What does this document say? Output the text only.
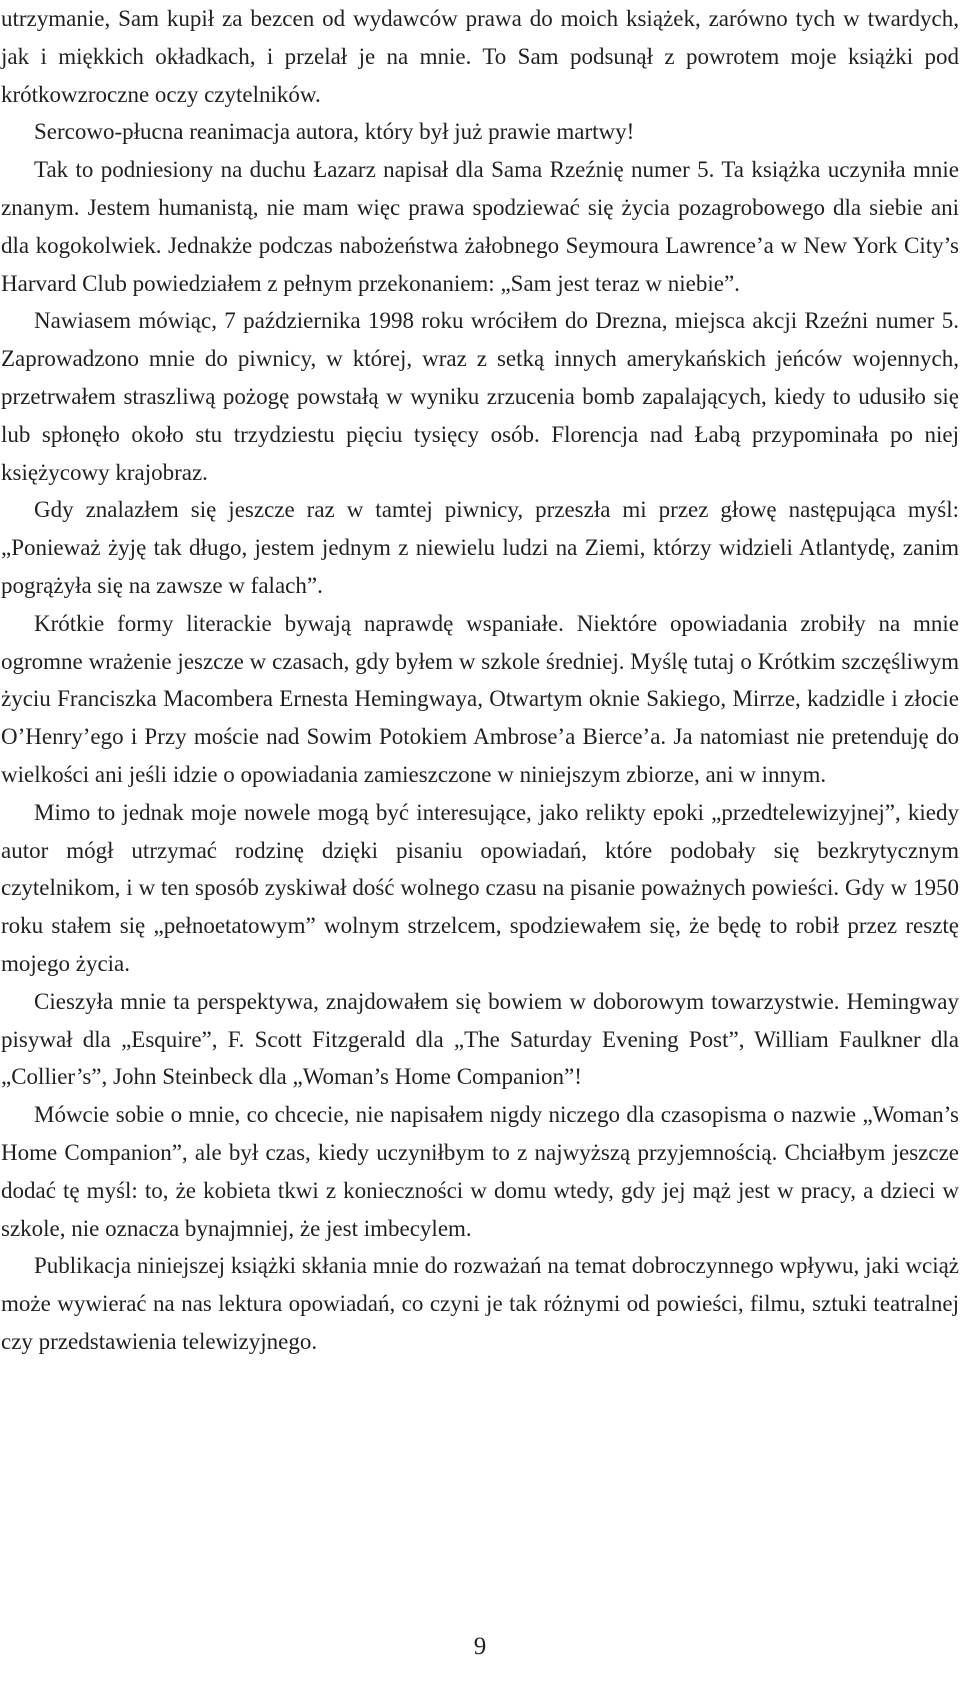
utrzymanie, Sam kupił za bezcen od wydawców prawa do moich książek, zarówno tych w twardych, jak i miękkich okładkach, i przelał je na mnie. To Sam podsunął z powrotem moje książki pod krótkowzroczne oczy czytelników.

Sercowo-płucna reanimacja autora, który był już prawie martwy!

Tak to podniesiony na duchu Łazarz napisał dla Sama Rzeźnię numer 5. Ta książka uczyniła mnie znanym. Jestem humanistą, nie mam więc prawa spodziewać się życia pozagrobowego dla siebie ani dla kogokolwiek. Jednakże podczas nabożeństwa żałobnego Seymoura Lawrence’a w New York City’s Harvard Club powiedziałem z pełnym przekonaniem: „Sam jest teraz w niebie”.

Nawiasem mówiąc, 7 października 1998 roku wróciłem do Drezna, miejsca akcji Rzeźni numer 5. Zaprowadzono mnie do piwnicy, w której, wraz z setką innych amerykańskich jeńców wojennych, przetrwałem straszliwą pożogę powstałą w wyniku zrzucenia bomb zapalających, kiedy to udusiło się lub spłonęło około stu trzydziestu pięciu tysięcy osób. Florencja nad Łabą przypominała po niej księżycowy krajobraz.

Gdy znalazłem się jeszcze raz w tamtej piwnicy, przeszła mi przez głowę następująca myśl: „Ponieważ żyję tak długo, jestem jednym z niewielu ludzi na Ziemi, którzy widzieli Atlantydę, zanim pogrążyła się na zawsze w falach”.

Krótkie formy literackie bywają naprawdę wspaniałe. Niektóre opowiadania zrobiły na mnie ogromne wrażenie jeszcze w czasach, gdy byłem w szkole średniej. Myślę tutaj o Krótkim szczęśliwym życiu Franciszka Macombera Ernesta Hemingwaya, Otwartym oknie Sakiego, Mirrze, kadzidle i złocie O’Henry’ego i Przy moście nad Sowim Potokiem Ambrose’a Bierce’a. Ja natomiast nie pretenduję do wielkości ani jeśli idzie o opowiadania zamieszczone w niniejszym zbiorze, ani w innym.

Mimo to jednak moje nowele mogą być interesujące, jako relikty epoki „przedtelewizyjnej”, kiedy autor mógł utrzymać rodzinę dzięki pisaniu opowiadań, które podobały się bezkrytycznym czytelnikom, i w ten sposób zyskiwał dość wolnego czasu na pisanie poważnych powieści. Gdy w 1950 roku stałem się „pełnoetatowym” wolnym strzelcem, spodziewałem się, że będę to robił przez resztę mojego życia.

Cieszyła mnie ta perspektywa, znajdowałem się bowiem w doborowym towarzystwie. Hemingway pisywał dla „Esquire”, F. Scott Fitzgerald dla „The Saturday Evening Post”, William Faulkner dla „Collier’s”, John Steinbeck dla „Woman’s Home Companion”!

Mówcie sobie o mnie, co chcecie, nie napisałem nigdy niczego dla czasopisma o nazwie „Woman’s Home Companion”, ale był czas, kiedy uczyniłbym to z najwyższą przyjemnością. Chciałbym jeszcze dodać tę myśl: to, że kobieta tkwi z konieczności w domu wtedy, gdy jej mąż jest w pracy, a dzieci w szkole, nie oznacza bynajmniej, że jest imbecylem.

Publikacja niniejszej książki skłania mnie do rozważań na temat dobroczynnego wpływu, jaki wciąż może wywierać na nas lektura opowiadań, co czyni je tak różnymi od powieści, filmu, sztuki teatralnej czy przedstawienia telewizyjnego.

9
